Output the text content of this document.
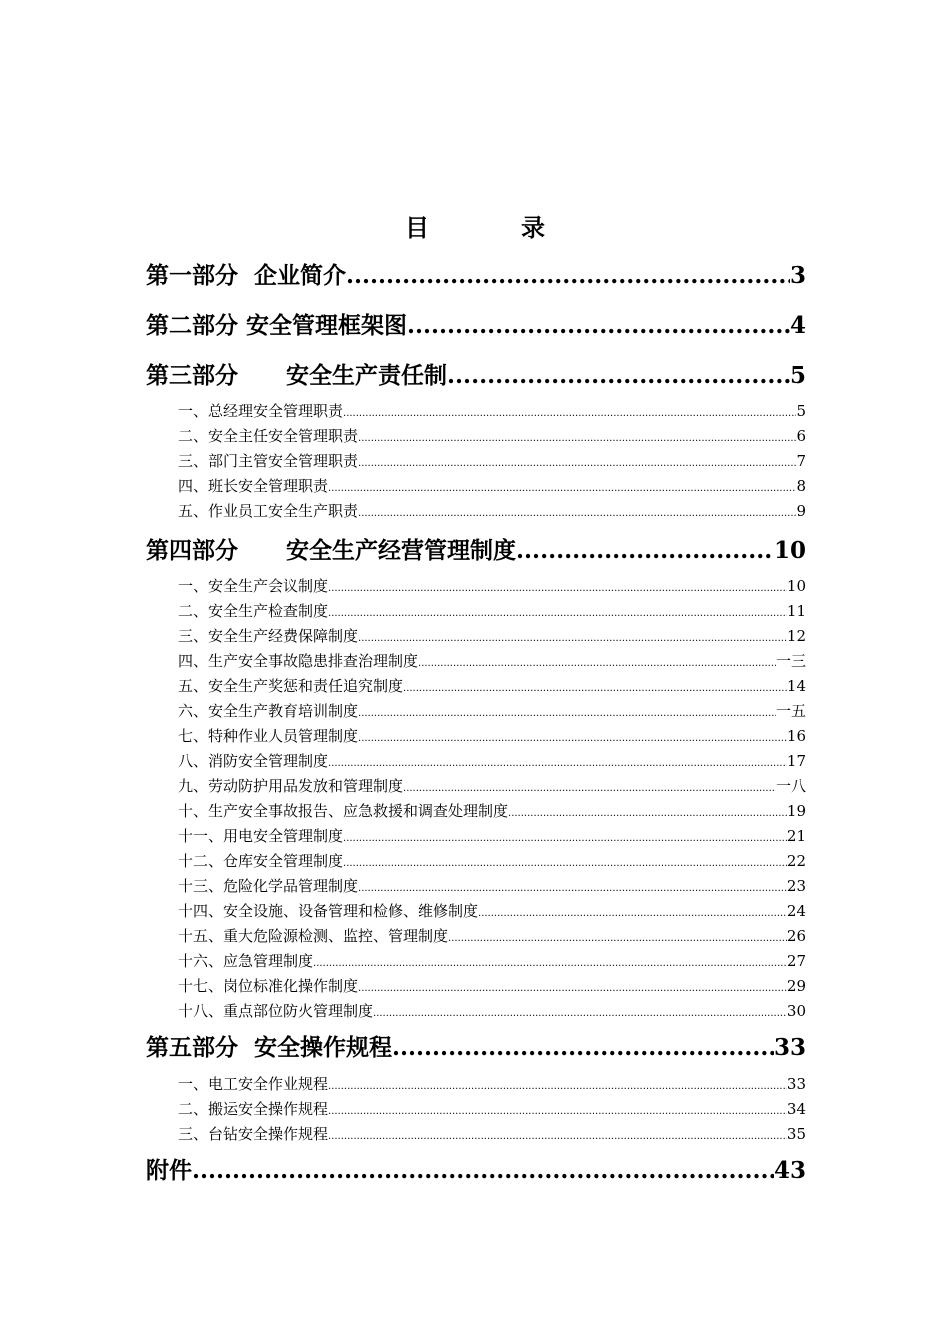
目	录
第一部分  企业简介 .....	3
第二部分 安全管理框架图 .....	4
第三部分      安全生产责任制 .....	5
一、总经理安全管理职责 .....	5
二、安全主任安全管理职责 .....	6
三、部门主管安全管理职责 .....	7
四、班长安全管理职责 .....	8
五、作业员工安全生产职责 .....	9
第四部分      安全生产经营管理制度 .....	10
一、安全生产会议制度 .....	10
二、安全生产检查制度 .....	11
三、安全生产经费保障制度 .....	12
四、生产安全事故隐患排查治理制度 .....	一三
五、安全生产奖惩和责任追究制度 .....	14
六、安全生产教育培训制度 .....	一五
七、特种作业人员管理制度 .....	16
八、消防安全管理制度 .....	17
九、劳动防护用品发放和管理制度 .....	一八
十、生产安全事故报告、应急救援和调查处理制度 .....	19
十一、用电安全管理制度 .....	21
十二、仓库安全管理制度 .....	22
十三、危险化学品管理制度 .....	23
十四、安全设施、设备管理和检修、维修制度 .....	24
十五、重大危险源检测、监控、管理制度 .....	26
十六、应急管理制度 .....	27
十七、岗位标准化操作制度 .....	29
十八、重点部位防火管理制度 .....	30
第五部分  安全操作规程 .....	33
一、电工安全作业规程 .....	33
二、搬运安全操作规程 .....	34
三、台钻安全操作规程 .....	35
附件 .....	43
